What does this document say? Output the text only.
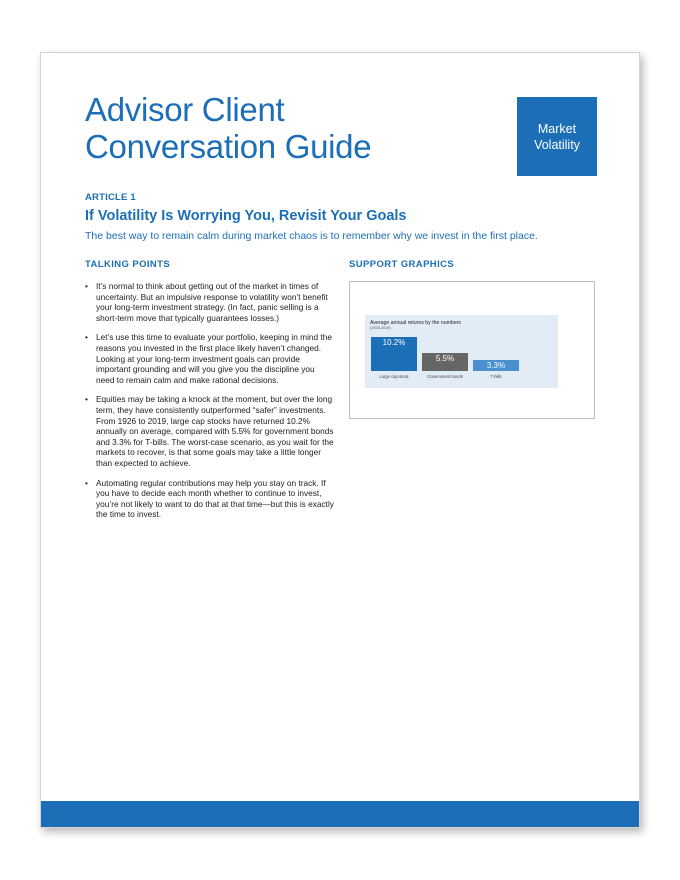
Advisor Client
Conversation Guide	Market
Volatility
ARTICLE 1
If Volatility Is Worrying You, Revisit Your Goals
The best way to remain calm during market chaos is to remember why we invest in the first place.
TALKING POINTS	SUPPORT GRAPHICS
• It’s normal to think about getting out of the market in times of uncertainty. But an impulsive response to volatility won’t benefit your long-term investment strategy. (In fact, panic selling is a short-term move that typically guarantees losses.)
• Let’s use this time to evaluate your portfolio, keeping in mind the reasons you invested in the first place likely haven’t changed. Looking at your long-term investment goals can provide important grounding and will you give you the discipline you need to remain calm and make rational decisions.
• Equities may be taking a knock at the moment, but over the long term, they have consistently outperformed “safer” investments. From 1926 to 2019, large cap stocks have returned 10.2% annually on average, compared with 5.5% for government bonds and 3.3% for T-bills. The worst-case scenario, as you wait for the markets to recover, is that some goals may take a little longer than expected to achieve.
• Automating regular contributions may help you stay on track. If you have to decide each month whether to continue to invest, you’re not likely to want to do that at that time—but this is exactly the time to invest.
Average annual returns by the numbers
(1926-2019)
10.2%
Large cap stock
5.5%
Government bonds
3.3%
T-bills
